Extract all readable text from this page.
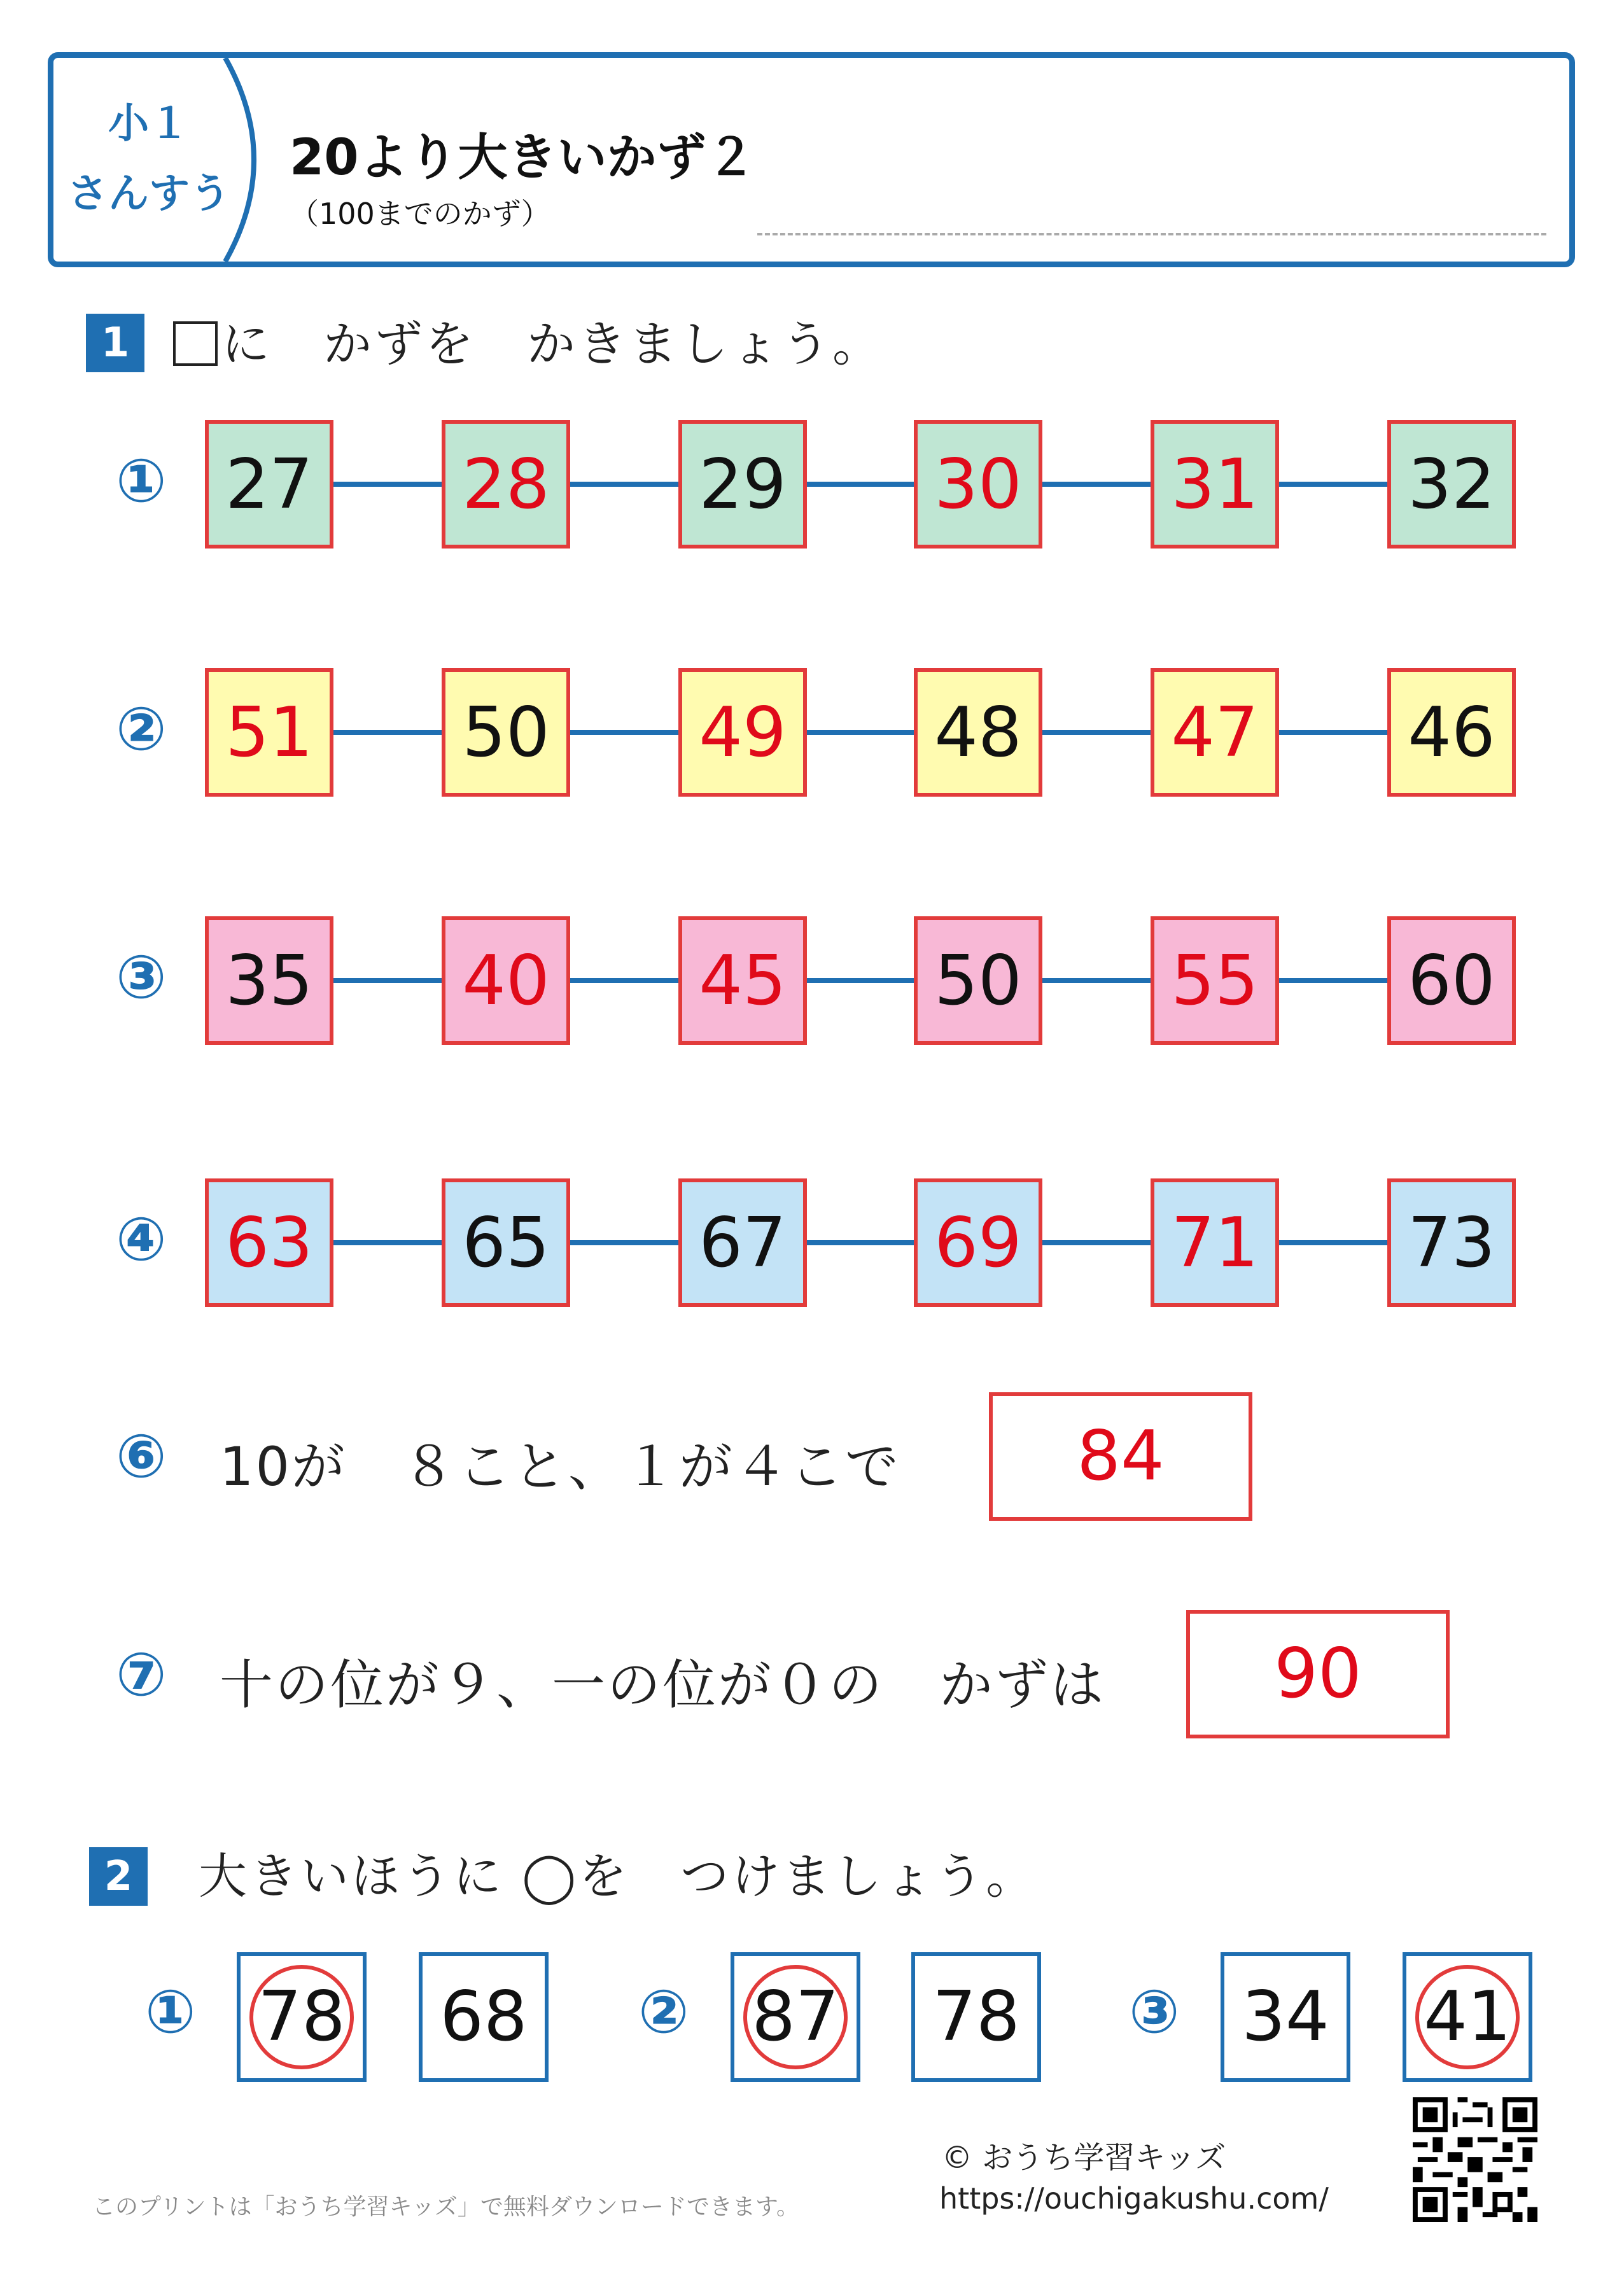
小１
さんすう
20より大きいかず２
（100までのかず）
1	に　かずを　かきましょう。
① 27 28 29 30 31 32
② 51 50 49 48 47 46
③ 35 40 45 50 55 60
④ 63 65 67 69 71 73
⑥ 10が　８こと、１が４こで	84
⑦ 十の位が９、一の位が０の　かずは	90
2	大きいほうに ◯を　つけましょう。
① 78	68	② 87	78	③ 34	41
© おうち学習キッズ
https://ouchigakushu.com/
このプリントは「おうち学習キッズ」で無料ダウンロードできます。
